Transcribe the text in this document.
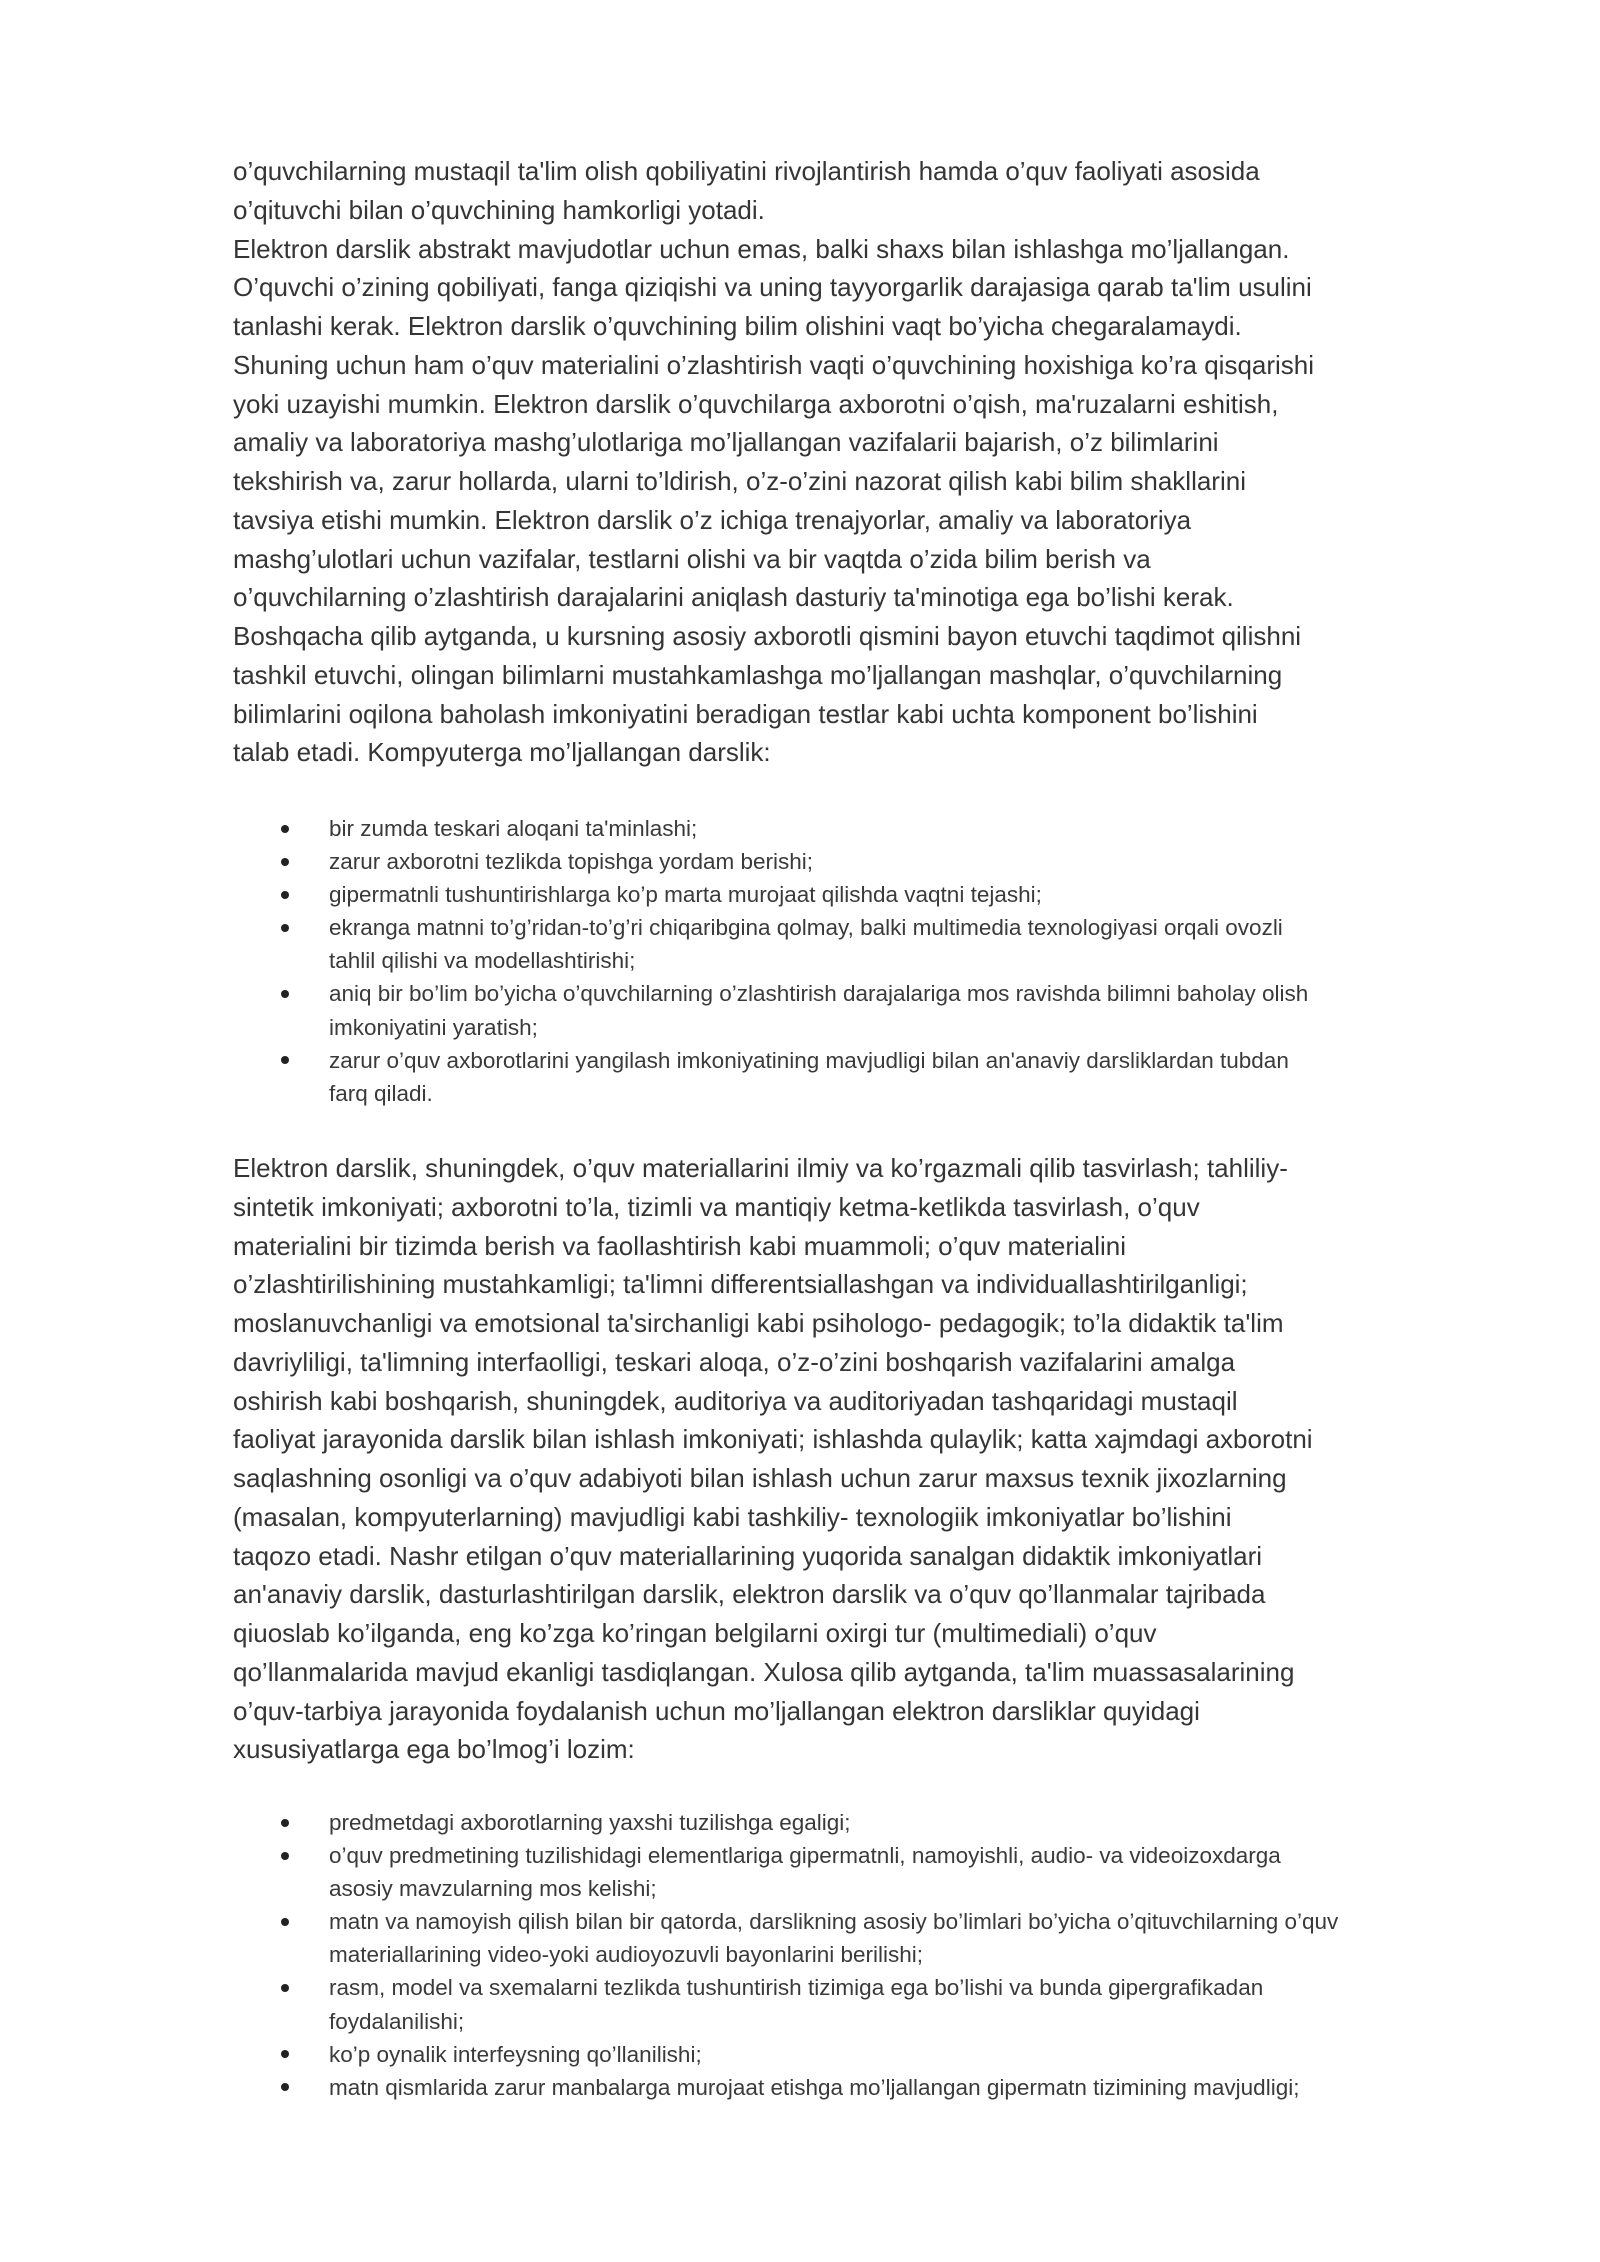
o’quvchilarning mustaqil ta'lim olish qobiliyatini rivojlantirish hamda o’quv faoliyati asosida
o’qituvchi bilan o’quvchining hamkorligi yotadi.
Elektron darslik abstrakt mavjudotlar uchun emas, balki shaxs bilan ishlashga mo’ljallangan.
O’quvchi o’zining qobiliyati, fanga qiziqishi va uning tayyorgarlik darajasiga qarab ta'lim usulini
tanlashi kerak. Elektron darslik o’quvchining bilim olishini vaqt bo’yicha chegaralamaydi.
Shuning uchun ham o’quv materialini o’zlashtirish vaqti o’quvchining hoxishiga ko’ra qisqarishi
yoki uzayishi mumkin. Elektron darslik o’quvchilarga axborotni o’qish, ma'ruzalarni eshitish,
amaliy va laboratoriya mashg’ulotlariga mo’ljallangan vazifalarii bajarish, o’z bilimlarini
tekshirish va, zarur hollarda, ularni to’ldirish, o’z-o’zini nazorat qilish kabi bilim shakllarini
tavsiya etishi mumkin. Elektron darslik o’z ichiga trenajyorlar, amaliy va laboratoriya
mashg’ulotlari uchun vazifalar, testlarni olishi va bir vaqtda o’zida bilim berish va
o’quvchilarning o’zlashtirish darajalarini aniqlash dasturiy ta'minotiga ega bo’lishi kerak.
Boshqacha qilib aytganda, u kursning asosiy axborotli qismini bayon etuvchi taqdimot qilishni
tashkil etuvchi, olingan bilimlarni mustahkamlashga mo’ljallangan mashqlar, o’quvchilarning
bilimlarini oqilona baholash imkoniyatini beradigan testlar kabi uchta komponent bo’lishini
talab etadi. Kompyuterga mo’ljallangan darslik:
bir zumda teskari aloqani ta'minlashi;
zarur axborotni tezlikda topishga yordam berishi;
gipermatnli tushuntirishlarga ko’p marta murojaat qilishda vaqtni tejashi;
ekranga matnni to’g’ridan-to’g’ri chiqaribgina qolmay, balki multimedia texnologiyasi orqali ovozli
tahlil qilishi va modellashtirishi;
aniq bir bo’lim bo’yicha o’quvchilarning o’zlashtirish darajalariga mos ravishda bilimni baholay olish
imkoniyatini yaratish;
zarur o’quv axborotlarini yangilash imkoniyatining mavjudligi bilan an'anaviy darsliklardan tubdan
farq qiladi.
Elektron darslik, shuningdek, o’quv materiallarini ilmiy va ko’rgazmali qilib tasvirlash; tahliliy-
sintetik imkoniyati; axborotni to’la, tizimli va mantiqiy ketma-ketlikda tasvirlash, o’quv
materialini bir tizimda berish va faollashtirish kabi muammoli; o’quv materialini
o’zlashtirilishining mustahkamligi; ta'limni differentsiallashgan va individuallashtirilganligi;
moslanuvchanligi va emotsional ta'sirchanligi kabi psihologo- pedagogik; to’la didaktik ta'lim
davriyliligi, ta'limning interfaolligi, teskari aloqa, o’z-o’zini boshqarish vazifalarini amalga
oshirish kabi boshqarish, shuningdek, auditoriya va auditoriyadan tashqaridagi mustaqil
faoliyat jarayonida darslik bilan ishlash imkoniyati; ishlashda qulaylik; katta xajmdagi axborotni
saqlashning osonligi va o’quv adabiyoti bilan ishlash uchun zarur maxsus texnik jixozlarning
(masalan, kompyuterlarning) mavjudligi kabi tashkiliy- texnologiik imkoniyatlar bo’lishini
taqozo etadi. Nashr etilgan o’quv materiallarining yuqorida sanalgan didaktik imkoniyatlari
an'anaviy darslik, dasturlashtirilgan darslik, elektron darslik va o’quv qo’llanmalar tajribada
qiuoslab ko’ilganda, eng ko’zga ko’ringan belgilarni oxirgi tur (multimediali) o’quv
qo’llanmalarida mavjud ekanligi tasdiqlangan. Xulosa qilib aytganda, ta'lim muassasalarining
o’quv-tarbiya jarayonida foydalanish uchun mo’ljallangan elektron darsliklar quyidagi
xususiyatlarga ega bo’lmog’i lozim:
predmetdagi axborotlarning yaxshi tuzilishga egaligi;
o’quv predmetining tuzilishidagi elementlariga gipermatnli, namoyishli, audio- va videoizoxdarga
asosiy mavzularning mos kelishi;
matn va namoyish qilish bilan bir qatorda, darslikning asosiy bo’limlari bo’yicha o’qituvchilarning o’quv
materiallarining video-yoki audioyozuvli bayonlarini berilishi;
rasm, model va sxemalarni tezlikda tushuntirish tizimiga ega bo’lishi va bunda gipergrafikadan
foydalanilishi;
ko’p oynalik interfeysning qo’llanilishi;
matn qismlarida zarur manbalarga murojaat etishga mo’ljallangan gipermatn tizimining mavjudligi;
